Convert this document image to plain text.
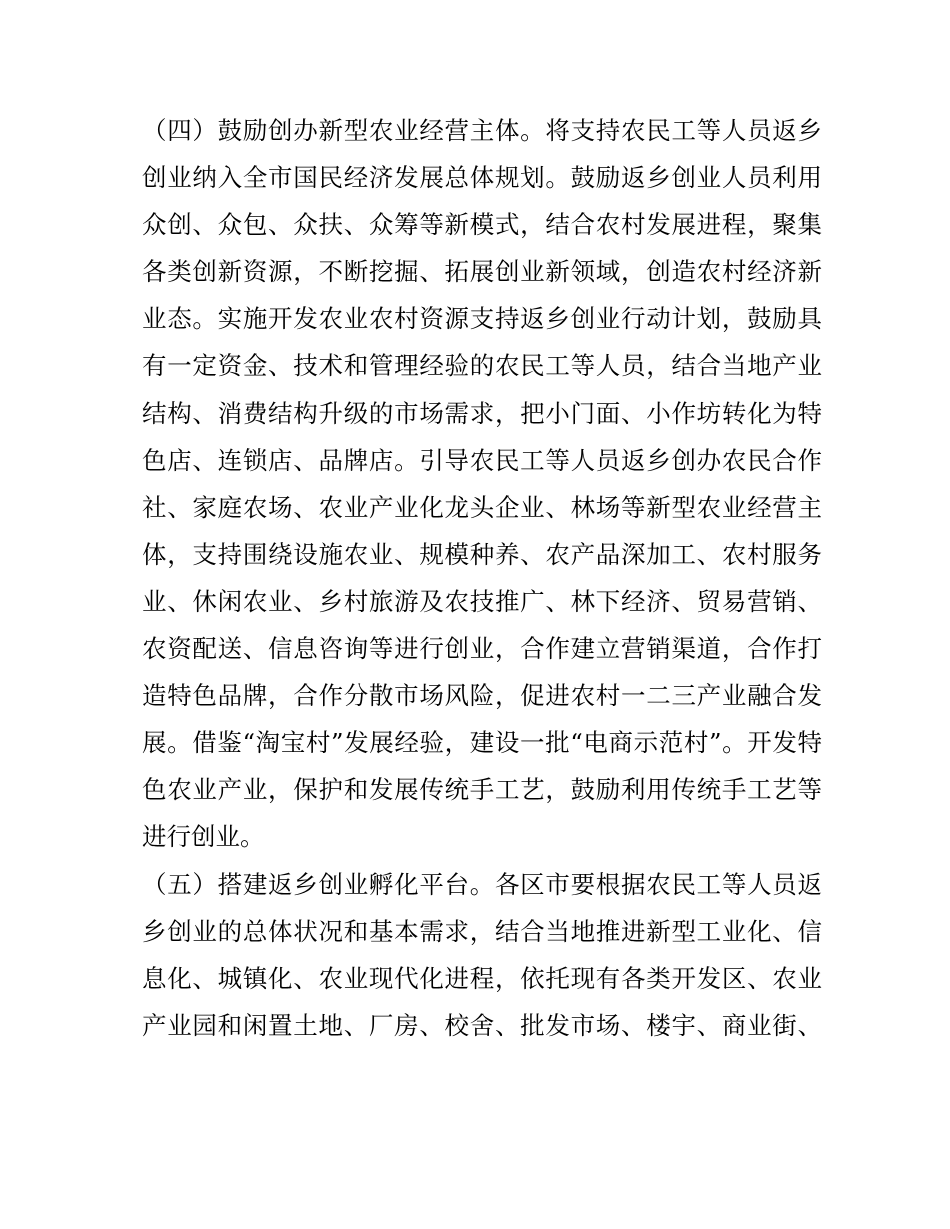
（四）鼓励创办新型农业经营主体。将支持农民工等人员返乡
创业纳入全市国民经济发展总体规划。鼓励返乡创业人员利用
众创、众包、众扶、众筹等新模式，结合农村发展进程，聚集
各类创新资源，不断挖掘、拓展创业新领域，创造农村经济新
业态。实施开发农业农村资源支持返乡创业行动计划，鼓励具
有一定资金、技术和管理经验的农民工等人员，结合当地产业
结构、消费结构升级的市场需求，把小门面、小作坊转化为特
色店、连锁店、品牌店。引导农民工等人员返乡创办农民合作
社、家庭农场、农业产业化龙头企业、林场等新型农业经营主
体，支持围绕设施农业、规模种养、农产品深加工、农村服务
业、休闲农业、乡村旅游及农技推广、林下经济、贸易营销、
农资配送、信息咨询等进行创业，合作建立营销渠道，合作打
造特色品牌，合作分散市场风险，促进农村一二三产业融合发
展。借鉴“淘宝村”发展经验，建设一批“电商示范村”。开发特
色农业产业，保护和发展传统手工艺，鼓励利用传统手工艺等
进行创业。
（五）搭建返乡创业孵化平台。各区市要根据农民工等人员返
乡创业的总体状况和基本需求，结合当地推进新型工业化、信
息化、城镇化、农业现代化进程，依托现有各类开发区、农业
产业园和闲置土地、厂房、校舍、批发市场、楼宇、商业街、
